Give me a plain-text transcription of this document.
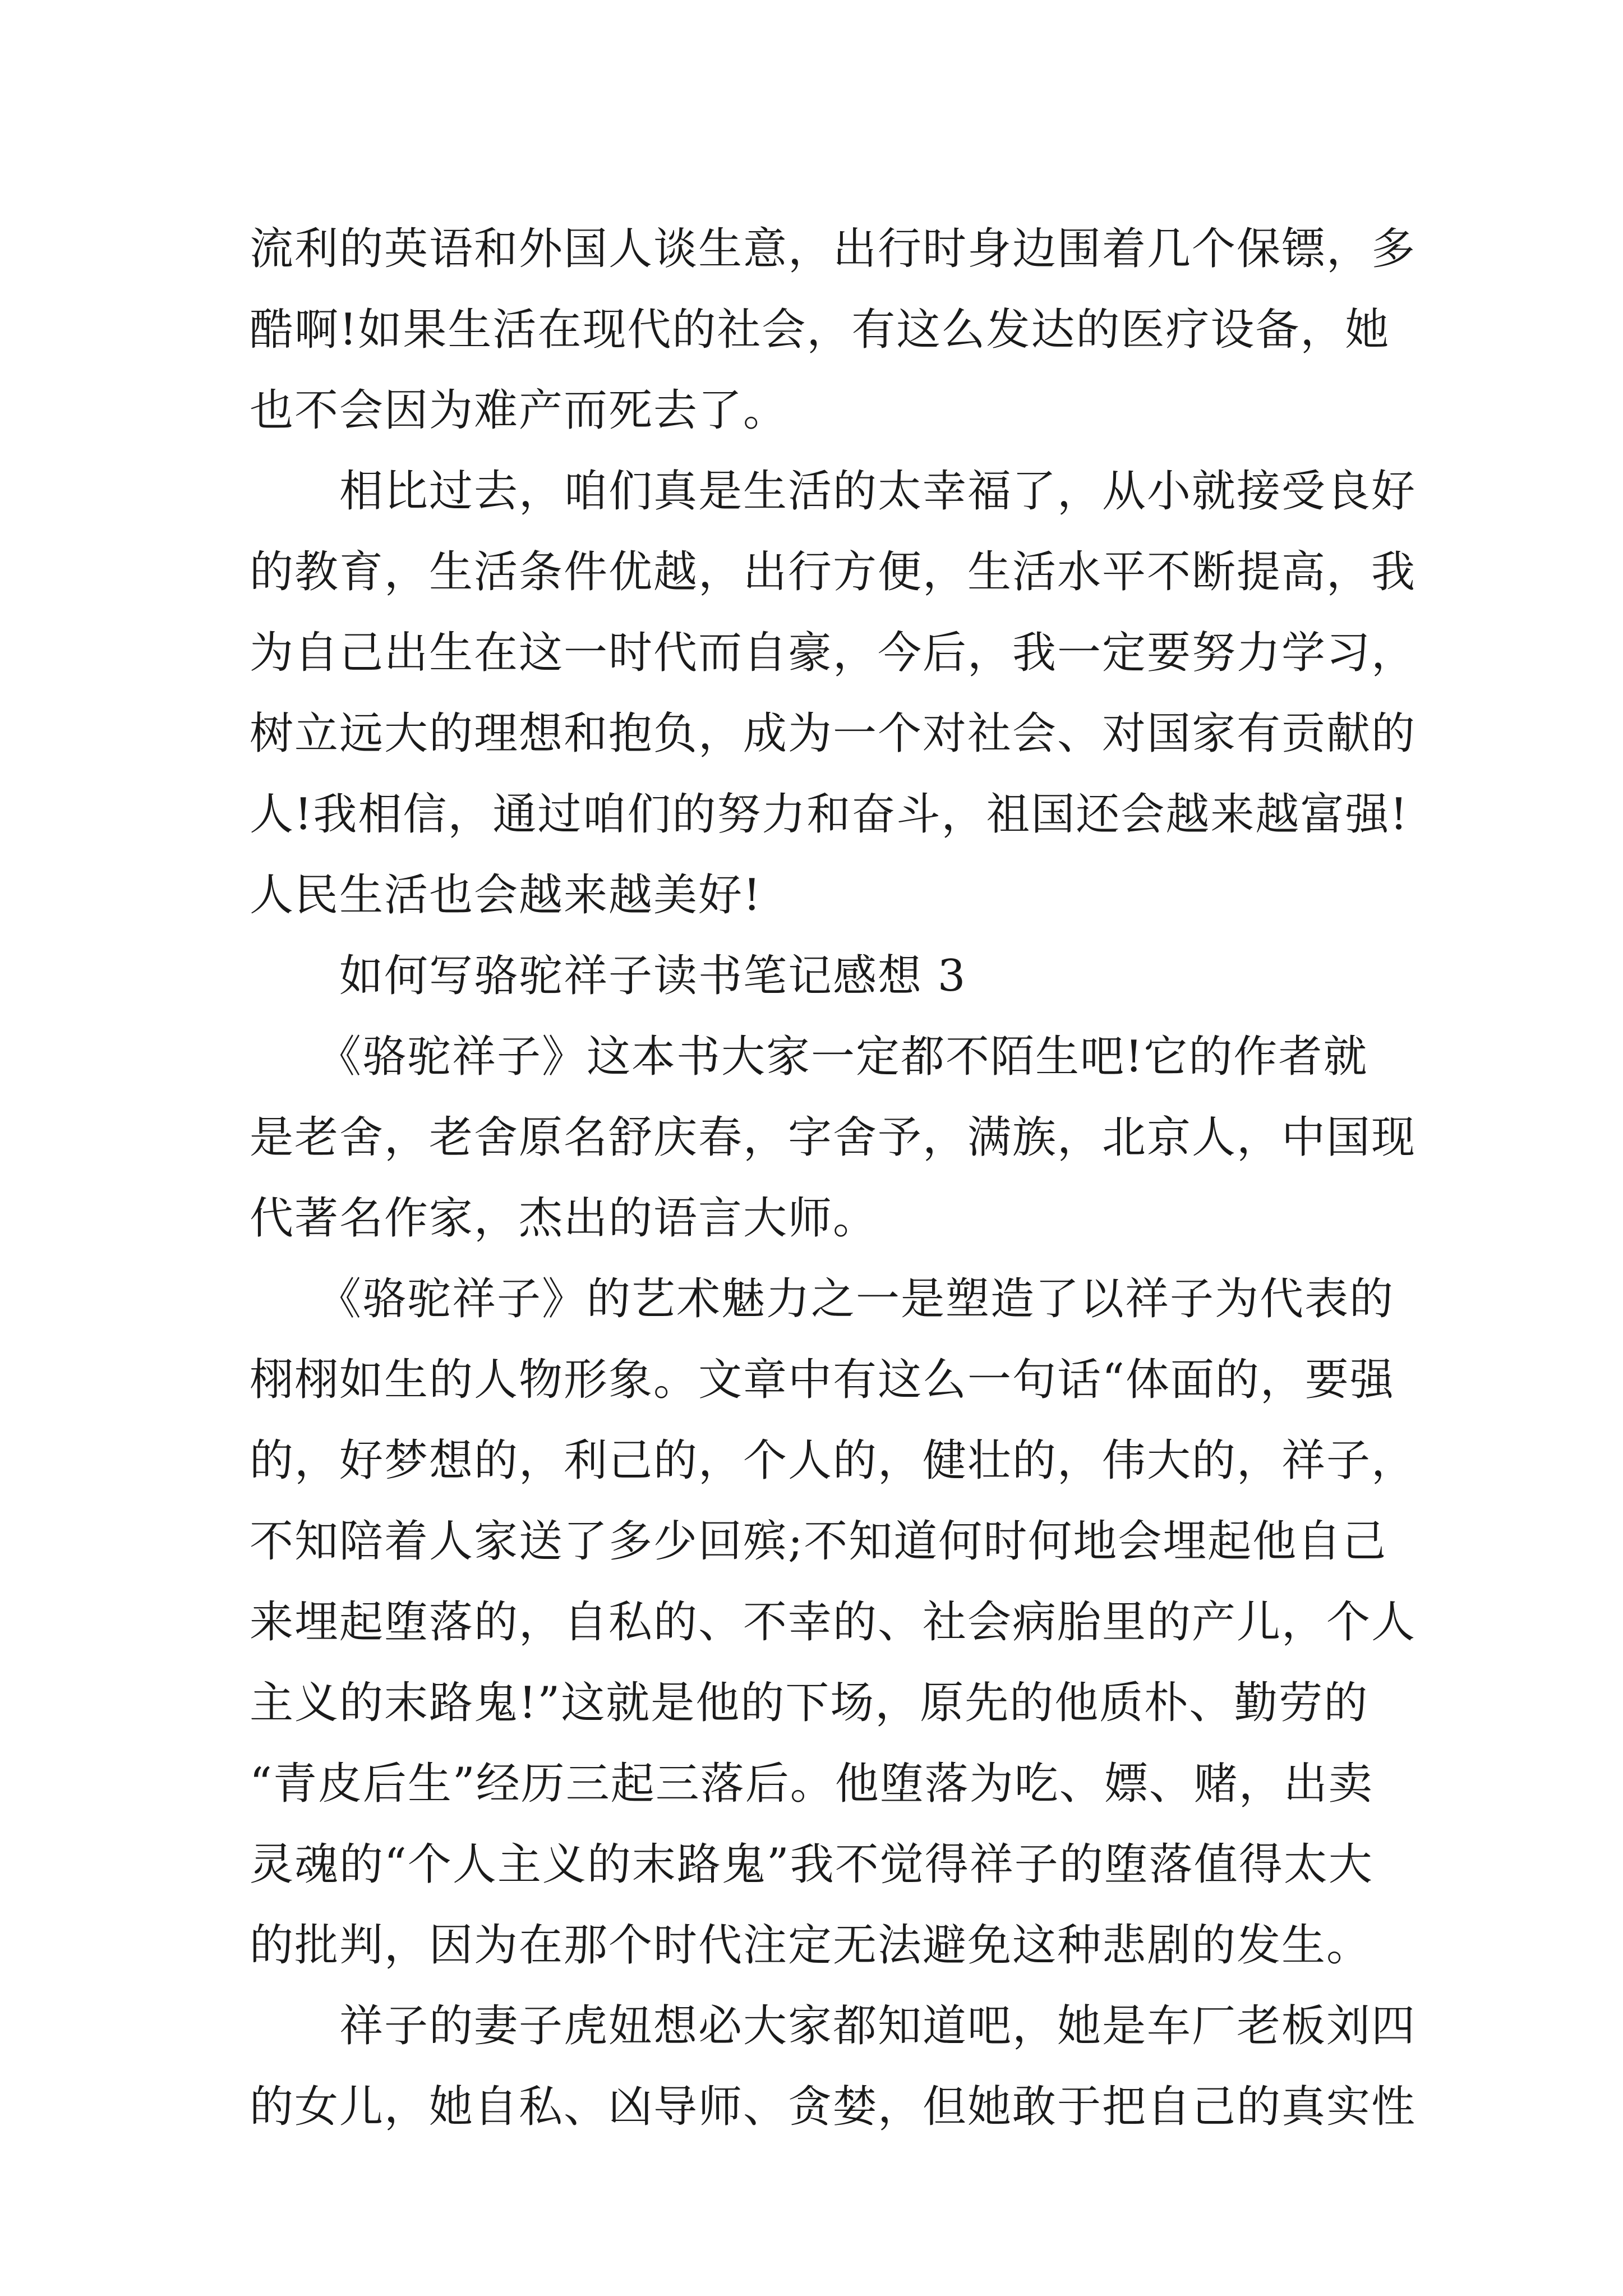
流利的英语和外国人谈生意，出行时身边围着几个保镖，多
酷啊!如果生活在现代的社会，有这么发达的医疗设备，她
也不会因为难产而死去了。
　　相比过去，咱们真是生活的太幸福了，从小就接受良好
的教育，生活条件优越，出行方便，生活水平不断提高，我
为自己出生在这一时代而自豪，今后，我一定要努力学习，
树立远大的理想和抱负，成为一个对社会、对国家有贡献的
人!我相信，通过咱们的努力和奋斗，祖国还会越来越富强!
人民生活也会越来越美好!
　　如何写骆驼祥子读书笔记感想 3
　　《骆驼祥子》这本书大家一定都不陌生吧!它的作者就
是老舍，老舍原名舒庆春，字舍予，满族，北京人，中国现
代著名作家，杰出的语言大师。
　　《骆驼祥子》的艺术魅力之一是塑造了以祥子为代表的
栩栩如生的人物形象。文章中有这么一句话“体面的，要强
的，好梦想的，利己的，个人的，健壮的，伟大的，祥子，
不知陪着人家送了多少回殡;不知道何时何地会埋起他自己
来埋起堕落的，自私的、不幸的、社会病胎里的产儿，个人
主义的末路鬼!”这就是他的下场，原先的他质朴、勤劳的
“青皮后生”经历三起三落后。他堕落为吃、嫖、赌，出卖
灵魂的“个人主义的末路鬼”我不觉得祥子的堕落值得太大
的批判，因为在那个时代注定无法避免这种悲剧的发生。
　　祥子的妻子虎妞想必大家都知道吧，她是车厂老板刘四
的女儿，她自私、凶导师、贪婪，但她敢于把自己的真实性
